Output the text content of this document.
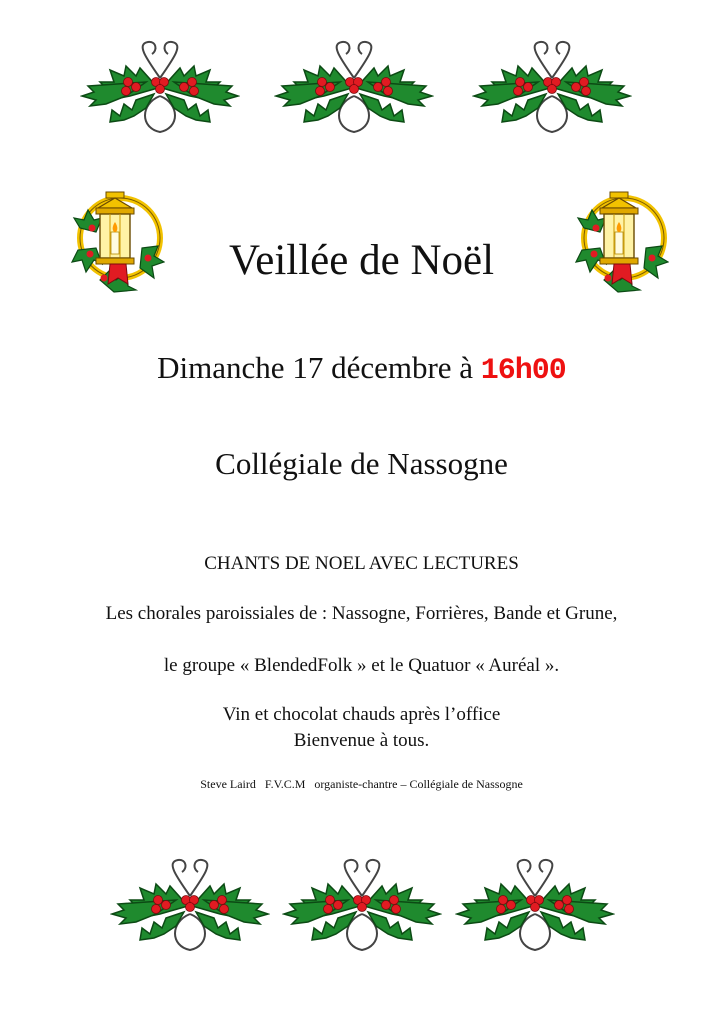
Veillée de Noël
Dimanche 17 décembre à 16h00
Collégiale de Nassogne
CHANTS DE NOEL AVEC LECTURES
Les chorales paroissiales de : Nassogne, Forrières, Bande et Grune,
le groupe « BlendedFolk » et le Quatuor « Auréal ».
Vin et chocolat chauds après l’office
Bienvenue à tous.
Steve Laird   F.V.C.M   organiste-chantre – Collégiale de Nassogne
